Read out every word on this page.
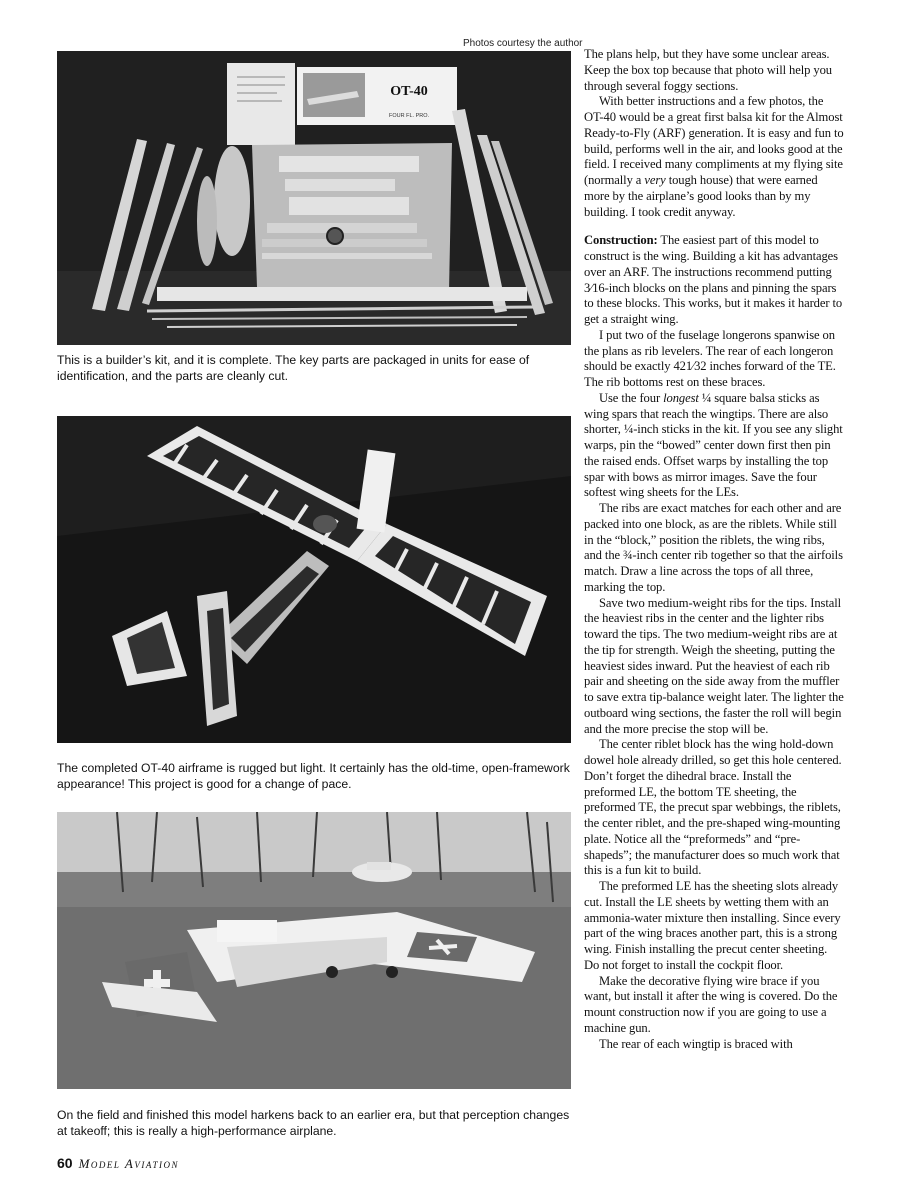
Photos courtesy the author
OT-40
FOUR FL. PRO.
This is a builder’s kit, and it is complete. The key parts are packaged in units for ease of identification, and the parts are cleanly cut.
The completed OT-40 airframe is rugged but light. It certainly has the old-time, open-framework appearance! This project is good for a change of pace.
On the field and finished this model harkens back to an earlier era, but that perception changes at takeoff; this is really a high-performance airplane.

The plans help, but they have some unclear areas. Keep the box top because that photo will help you through several foggy sections.

With better instructions and a few photos, the OT-40 would be a great first balsa kit for the Almost Ready-to-Fly (ARF) generation. It is easy and fun to build, performs well in the air, and looks good at the field. I received many compliments at my flying site (normally a very tough house) that were earned more by the airplane’s good looks than by my building. I took credit anyway.

Construction: The easiest part of this model to construct is the wing. Building a kit has advantages over an ARF. The instructions recommend putting 3⁄16-inch blocks on the plans and pinning the spars to these blocks. This works, but it makes it harder to get a straight wing.

I put two of the fuselage longerons spanwise on the plans as rib levelers. The rear of each longeron should be exactly 421⁄32 inches forward of the TE. The rib bottoms rest on these braces.

Use the four longest ¼ square balsa sticks as wing spars that reach the wingtips. There are also shorter, ¼-inch sticks in the kit. If you see any slight warps, pin the “bowed” center down first then pin the raised ends. Offset warps by installing the top spar with bows as mirror images. Save the four softest wing sheets for the LEs.

The ribs are exact matches for each other and are packed into one block, as are the riblets. While still in the “block,” position the riblets, the wing ribs, and the ¾-inch center rib together so that the airfoils match. Draw a line across the tops of all three, marking the top.

Save two medium-weight ribs for the tips. Install the heaviest ribs in the center and the lighter ribs toward the tips. The two medium-weight ribs are at the tip for strength. Weigh the sheeting, putting the heaviest sides inward. Put the heaviest of each rib pair and sheeting on the side away from the muffler to save extra tip-balance weight later. The lighter the outboard wing sections, the faster the roll will begin and the more precise the stop will be.

The center riblet block has the wing hold-down dowel hole already drilled, so get this hole centered. Don’t forget the dihedral brace. Install the preformed LE, the bottom TE sheeting, the preformed TE, the precut spar webbings, the riblets, the center riblet, and the pre-shaped wing-mounting plate. Notice all the “preformeds” and “pre-shapeds”; the manufacturer does so much work that this is a fun kit to build.

The preformed LE has the sheeting slots already cut. Install the LE sheets by wetting them with an ammonia-water mixture then installing. Since every part of the wing braces another part, this is a strong wing. Finish installing the precut center sheeting. Do not forget to install the cockpit floor.

Make the decorative flying wire brace if you want, but install it after the wing is covered. Do the mount construction now if you are going to use a machine gun.

The rear of each wingtip is braced with

60 Model Aviation
